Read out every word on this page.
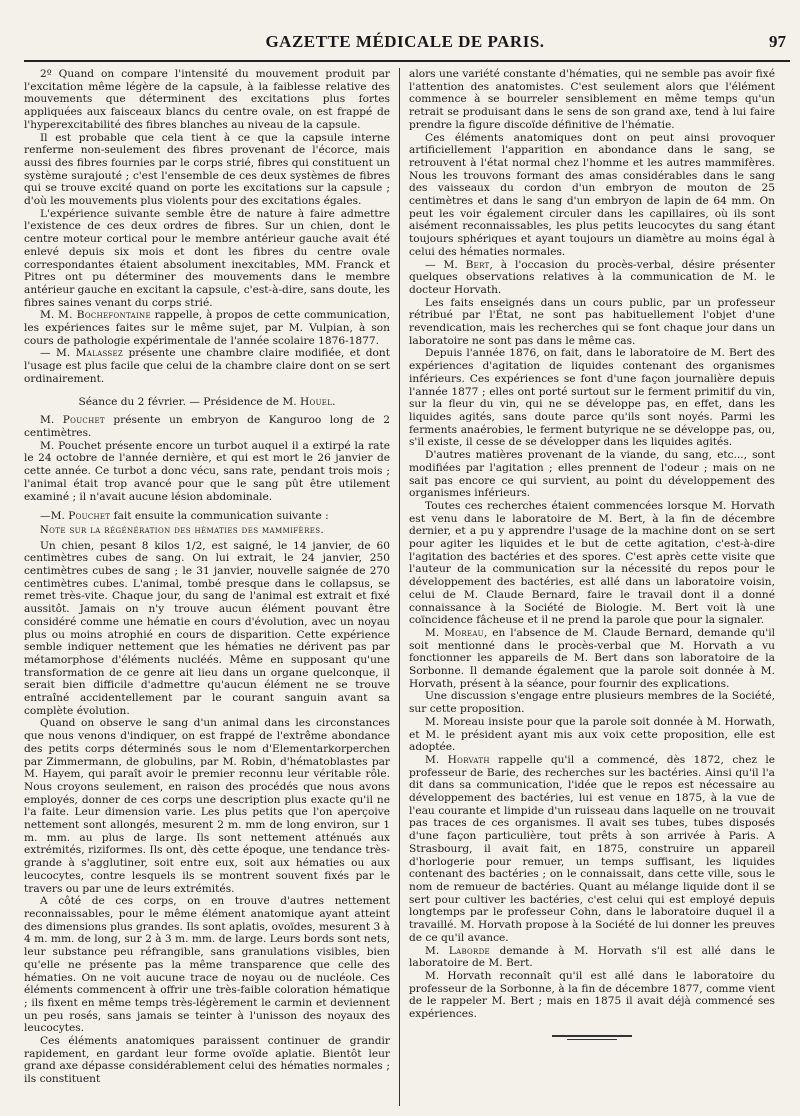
GAZETTE MÉDICALE DE PARIS.	97

2º Quand on compare l'intensité du mouvement produit par l'excitation même légère de la capsule, à la faiblesse relative des mouvements que déterminent des excitations plus fortes appliquées aux faisceaux blancs du centre ovale, on est frappé de l'hyperexcitabilité des fibres blanches au niveau de la capsule.

Il est probable que cela tient à ce que la capsule interne renferme non-seulement des fibres provenant de l'écorce, mais aussi des fibres fournies par le corps strié, fibres qui constituent un système surajouté ; c'est l'ensemble de ces deux systèmes de fibres qui se trouve excité quand on porte les excitations sur la capsule ; d'où les mouvements plus violents pour des excitations égales.

L'expérience suivante semble être de nature à faire admettre l'existence de ces deux ordres de fibres. Sur un chien, dont le centre moteur cortical pour le membre antérieur gauche avait été enlevé depuis six mois et dont les fibres du centre ovale correspondantes étaient absolument inexcitables, MM. Franck et Pitres ont pu déterminer des mouvements dans le membre antérieur gauche en excitant la capsule, c'est-à-dire, sans doute, les fibres saines venant du corps strié.

M. M. Bochefontaine rappelle, à propos de cette communication, les expériences faites sur le même sujet, par M. Vulpian, à son cours de pathologie expérimentale de l'année scolaire 1876-1877.

— M. Malassez présente une chambre claire modifiée, et dont l'usage est plus facile que celui de la chambre claire dont on se sert ordinairement.

Séance du 2 février. — Présidence de M. Houel.

M. Pouchet présente un embryon de Kanguroo long de 2 centimètres.

M. Pouchet présente encore un turbot auquel il a extirpé la rate le 24 octobre de l'année dernière, et qui est mort le 26 janvier de cette année. Ce turbot a donc vécu, sans rate, pendant trois mois ; l'animal était trop avancé pour que le sang pût être utilement examiné ; il n'avait aucune lésion abdominale.

—M. Pouchet fait ensuite la communication suivante :

Note sur la régénération des hématies des mammifères.

Un chien, pesant 8 kilos 1/2, est saigné, le 14 janvier, de 60 centimètres cubes de sang. On lui extrait, le 24 janvier, 250 centimètres cubes de sang ; le 31 janvier, nouvelle saignée de 270 centimètres cubes. L'animal, tombé presque dans le collapsus, se remet très-vite. Chaque jour, du sang de l'animal est extrait et fixé aussitôt. Jamais on n'y trouve aucun élément pouvant être considéré comme une hématie en cours d'évolution, avec un noyau plus ou moins atrophié en cours de disparition. Cette expérience semble indiquer nettement que les hématies ne dérivent pas par métamorphose d'éléments nucléés. Même en supposant qu'une transformation de ce genre ait lieu dans un organe quelconque, il serait bien difficile d'admettre qu'aucun élément ne se trouve entraîné accidentellement par le courant sanguin avant sa complète évolution.

Quand on observe le sang d'un animal dans les circonstances que nous venons d'indiquer, on est frappé de l'extrême abondance des petits corps déterminés sous le nom d'Elementarkorperchen par Zimmermann, de globulins, par M. Robin, d'hématoblastes par M. Hayem, qui paraît avoir le premier reconnu leur véritable rôle. Nous croyons seulement, en raison des procédés que nous avons employés, donner de ces corps une description plus exacte qu'il ne l'a faite. Leur dimension varie. Les plus petits que l'on aperçoive nettement sont allongés, mesurent 2 m. mm de long environ, sur 1 m. mm. au plus de large. Ils sont nettement atténués aux extrémités, riziformes. Ils ont, dès cette époque, une tendance très-grande à s'agglutiner, soit entre eux, soit aux hématies ou aux leucocytes, contre lesquels ils se montrent souvent fixés par le travers ou par une de leurs extrémités.

A côté de ces corps, on en trouve d'autres nettement reconnaissables, pour le même élément anatomique ayant atteint des dimensions plus grandes. Ils sont aplatis, ovoïdes, mesurent 3 à 4 m. mm. de long, sur 2 à 3 m. mm. de large. Leurs bords sont nets, leur substance peu réfrangible, sans granulations visibles, bien qu'elle ne présente pas la même transparence que celle des hématies. On ne voit aucune trace de noyau ou de nucléole. Ces éléments commencent à offrir une très-faible coloration hématique ; ils fixent en même temps très-légèrement le carmin et deviennent un peu rosés, sans jamais se teinter à l'unisson des noyaux des leucocytes.

Ces éléments anatomiques paraissent continuer de grandir rapidement, en gardant leur forme ovoïde aplatie. Bientôt leur grand axe dépasse considérablement celui des hématies normales ; ils constituent

alors une variété constante d'hématies, qui ne semble pas avoir fixé l'attention des anatomistes. C'est seulement alors que l'élément commence à se bourreler sensiblement en même temps qu'un retrait se produisant dans le sens de son grand axe, tend à lui faire prendre la figure discoïde définitive de l'hématie.

Ces éléments anatomiques dont on peut ainsi provoquer artificiellement l'apparition en abondance dans le sang, se retrouvent à l'état normal chez l'homme et les autres mammifères. Nous les trouvons formant des amas considérables dans le sang des vaisseaux du cordon d'un embryon de mouton de 25 centimètres et dans le sang d'un embryon de lapin de 64 mm. On peut les voir également circuler dans les capillaires, où ils sont aisément reconnaissables, les plus petits leucocytes du sang étant toujours sphériques et ayant toujours un diamètre au moins égal à celui des hématies normales.

— M. Bert, à l'occasion du procès-verbal, désire présenter quelques observations relatives à la communication de M. le docteur Horvath.

Les faits enseignés dans un cours public, par un professeur rétribué par l'État, ne sont pas habituellement l'objet d'une revendication, mais les recherches qui se font chaque jour dans un laboratoire ne sont pas dans le même cas.

Depuis l'année 1876, on fait, dans le laboratoire de M. Bert des expériences d'agitation de liquides contenant des organismes inférieurs. Ces expériences se font d'une façon journalière depuis l'année 1877 ; elles ont porté surtout sur le ferment primitif du vin, sur la fleur du vin, qui ne se développe pas, en effet, dans les liquides agités, sans doute parce qu'ils sont noyés. Parmi les ferments anaérobies, le ferment butyrique ne se développe pas, ou, s'il existe, il cesse de se développer dans les liquides agités.

D'autres matières provenant de la viande, du sang, etc..., sont modifiées par l'agitation ; elles prennent de l'odeur ; mais on ne sait pas encore ce qui survient, au point du développement des organismes inférieurs.

Toutes ces recherches étaient commencées lorsque M. Horvath est venu dans le laboratoire de M. Bert, à la fin de décembre dernier, et a pu y apprendre l'usage de la machine dont on se sert pour agiter les liquides et le but de cette agitation, c'est-à-dire l'agitation des bactéries et des spores. C'est après cette visite que l'auteur de la communication sur la nécessité du repos pour le développement des bactéries, est allé dans un laboratoire voisin, celui de M. Claude Bernard, faire le travail dont il a donné connaissance à la Société de Biologie. M. Bert voit là une coïncidence fâcheuse et il ne prend la parole que pour la signaler.

M. Moreau, en l'absence de M. Claude Bernard, demande qu'il soit mentionné dans le procès-verbal que M. Horvath a vu fonctionner les appareils de M. Bert dans son laboratoire de la Sorbonne. Il demande également que la parole soit donnée à M. Horvath, présent à la séance, pour fournir des explications.

Une discussion s'engage entre plusieurs membres de la Société, sur cette proposition.

M. Moreau insiste pour que la parole soit donnée à M. Horwath, et M. le président ayant mis aux voix cette proposition, elle est adoptée.

M. Horvath rappelle qu'il a commencé, dès 1872, chez le professeur de Barie, des recherches sur les bactéries. Ainsi qu'il l'a dit dans sa communication, l'idée que le repos est nécessaire au développement des bactéries, lui est venue en 1875, à la vue de l'eau courante et limpide d'un ruisseau dans laquelle on ne trouvait pas traces de ces organismes. Il avait ses tubes, tubes disposés d'une façon particulière, tout prêts à son arrivée à Paris. A Strasbourg, il avait fait, en 1875, construire un appareil d'horlogerie pour remuer, un temps suffisant, les liquides contenant des bactéries ; on le connaissait, dans cette ville, sous le nom de remueur de bactéries. Quant au mélange liquide dont il se sert pour cultiver les bactéries, c'est celui qui est employé depuis longtemps par le professeur Cohn, dans le laboratoire duquel il a travaillé. M. Horvath propose à la Société de lui donner les preuves de ce qu'il avance.

M. Laborde demande à M. Horvath s'il est allé dans le laboratoire de M. Bert.

M. Horvath reconnaît qu'il est allé dans le laboratoire du professeur de la Sorbonne, à la fin de décembre 1877, comme vient de le rappeler M. Bert ; mais en 1875 il avait déjà commencé ses expériences.
